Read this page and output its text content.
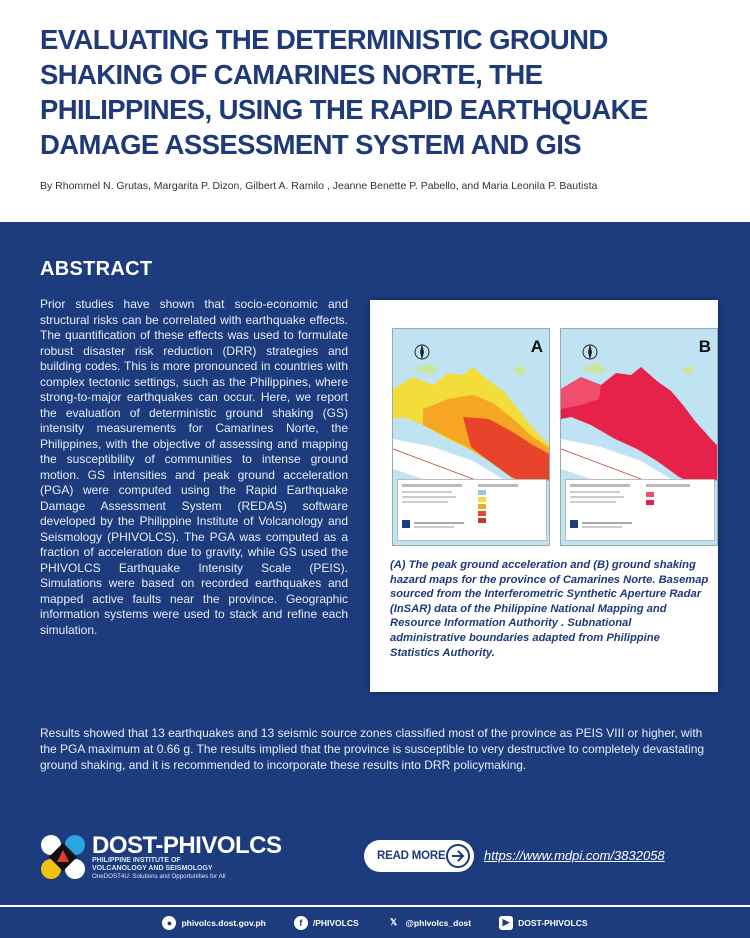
EVALUATING THE DETERMINISTIC GROUND SHAKING OF CAMARINES NORTE, THE PHILIPPINES, USING THE RAPID EARTHQUAKE DAMAGE ASSESSMENT SYSTEM AND GIS
By Rhommel N. Grutas, Margarita P. Dizon, Gilbert A. Ramilo , Jeanne Benette P. Pabello, and Maria Leonila P. Bautista
ABSTRACT
Prior studies have shown that socio-economic and structural risks can be correlated with earthquake effects. The quantification of these effects was used to formulate robust disaster risk reduction (DRR) strategies and building codes. This is more pronounced in countries with complex tectonic settings, such as the Philippines, where strong-to-major earthquakes can occur. Here, we report the evaluation of deterministic ground shaking (GS) intensity measurements for Camarines Norte, the Philippines, with the objective of assessing and mapping the susceptibility of communities to intense ground motion. GS intensities and peak ground acceleration (PGA) were computed using the Rapid Earthquake Damage Assessment System (REDAS) software developed by the Philippine Institute of Volcanology and Seismology (PHIVOLCS). The PGA was computed as a fraction of acceleration due to gravity, while GS used the PHIVOLCS Earthquake Intensity Scale (PEIS). Simulations were based on recorded earthquakes and mapped active faults near the province. Geographic information systems were used to stack and refine each simulation.
A	B
(A) The peak ground acceleration and (B) ground shaking hazard maps for the province of Camarines Norte. Basemap sourced from the Interferometric Synthetic Aperture Radar (InSAR) data of the Philippine National Mapping and Resource Information Authority . Subnational administrative boundaries adapted from Philippine Statistics Authority.
Results showed that 13 earthquakes and 13 seismic source zones classified most of the province as PEIS VIII or higher, with the PGA maximum at 0.66 g. The results implied that the province is susceptible to very destructive to completely devastating ground shaking, and it is recommended to incorporate these results into DRR policymaking.
DOST-PHIVOLCS
PHILIPPINE INSTITUTE OF
VOLCANOLOGY AND SEISMOLOGY
OneDOST4U: Solutions and Opportunities for All
READ MORE	https://www.mdpi.com/3832058
●	phivolcs.dost.gov.ph	f	/PHIVOLCS	𝕏 @phivolcs_dost	▶	DOST-PHIVOLCS
